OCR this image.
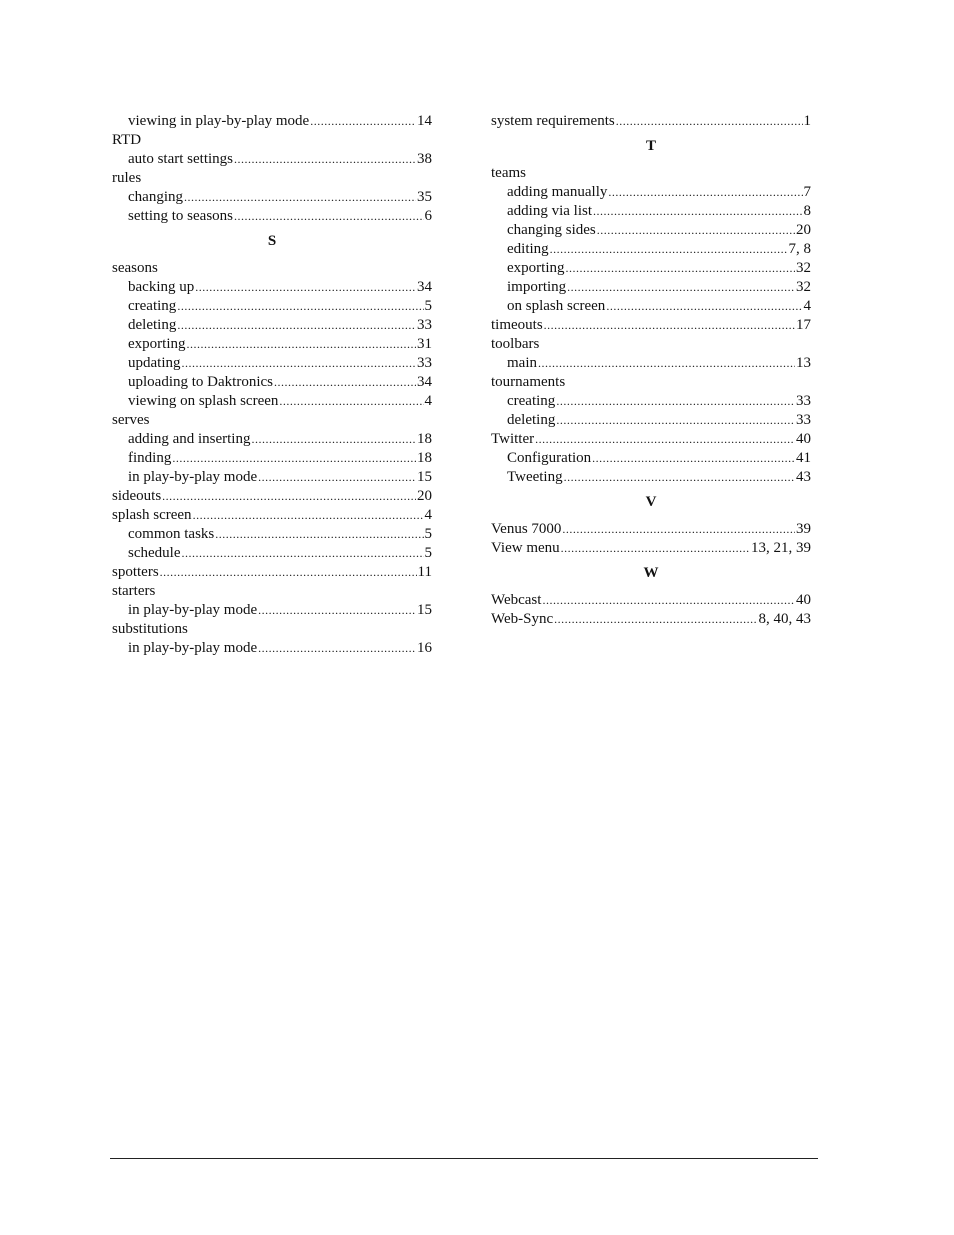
viewing in play-by-play mode .....	14
RTD
auto start settings .....	38
rules
changing .....	35
setting to seasons .....	6
S
seasons
backing up .....	34
creating .....	5
deleting .....	33
exporting .....	31
updating .....	33
uploading to Daktronics .....	34
viewing on splash screen .....	4
serves
adding and inserting .....	18
finding .....	18
in play-by-play mode .....	15
sideouts .....	20
splash screen .....	4
common tasks .....	5
schedule .....	5
spotters .....	11
starters
in play-by-play mode .....	15
substitutions
in play-by-play mode .....	16
system requirements .....	1
T
teams
adding manually .....	7
adding via list .....	8
changing sides .....	20
editing .....	7, 8
exporting .....	32
importing .....	32
on splash screen .....	4
timeouts .....	17
toolbars
main .....	13
tournaments
creating .....	33
deleting .....	33
Twitter .....	40
Configuration .....	41
Tweeting .....	43
V
Venus 7000 .....	39
View menu .....	13, 21, 39
W
Webcast .....	40
Web-Sync .....	8, 40, 43
